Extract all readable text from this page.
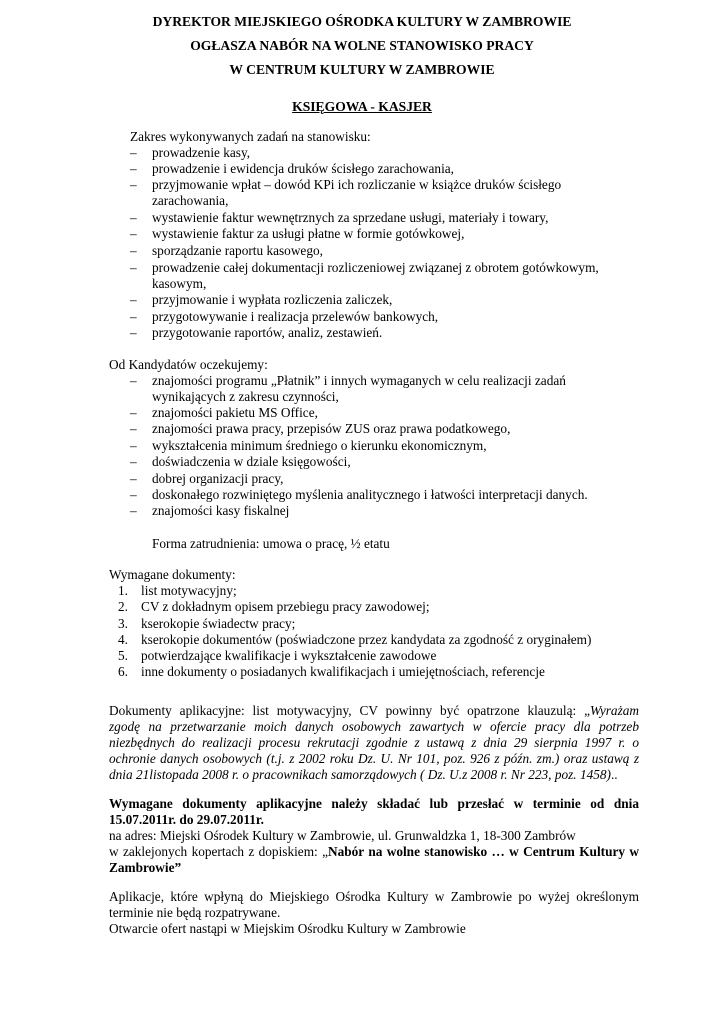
DYREKTOR MIEJSKIEGO OŚRODKA KULTURY W ZAMBROWIE
OGŁASZA NABÓR NA WOLNE STANOWISKO PRACY
W CENTRUM KULTURY W ZAMBROWIE
KSIĘGOWA - KASJER
Zakres wykonywanych zadań na stanowisku:
– prowadzenie kasy,
– prowadzenie i ewidencja druków ścisłego zarachowania,
– przyjmowanie wpłat – dowód KPi ich rozliczanie w książce druków ścisłego
zarachowania,
– wystawienie faktur wewnętrznych za sprzedane usługi, materiały i towary,
– wystawienie faktur za usługi płatne w formie gotówkowej,
– sporządzanie raportu kasowego,
– prowadzenie całej dokumentacji rozliczeniowej związanej z obrotem gotówkowym,
kasowym,
– przyjmowanie i wypłata rozliczenia zaliczek,
– przygotowywanie i realizacja przelewów bankowych,
– przygotowanie raportów, analiz, zestawień.
Od Kandydatów oczekujemy:
– znajomości programu „Płatnik” i innych wymaganych w celu realizacji zadań
wynikających z zakresu czynności,
– znajomości pakietu MS Office,
– znajomości prawa pracy, przepisów ZUS oraz prawa podatkowego,
– wykształcenia minimum średniego o kierunku ekonomicznym,
– doświadczenia w dziale księgowości,
– dobrej organizacji pracy,
– doskonałego rozwiniętego myślenia analitycznego i łatwości interpretacji danych.
– znajomości kasy fiskalnej
Forma zatrudnienia: umowa o pracę, ½ etatu
Wymagane dokumenty:
1. list motywacyjny;
2. CV z dokładnym opisem przebiegu pracy zawodowej;
3. kserokopie świadectw pracy;
4. kserokopie dokumentów (poświadczone przez kandydata za zgodność z oryginałem)
5. potwierdzające kwalifikacje i wykształcenie zawodowe
6. inne dokumenty o posiadanych kwalifikacjach i umiejętnościach, referencje
Dokumenty aplikacyjne: list motywacyjny, CV powinny być opatrzone klauzulą: „Wyrażam
zgodę na przetwarzanie moich danych osobowych zawartych w ofercie pracy dla potrzeb
niezbędnych do realizacji procesu rekrutacji zgodnie z ustawą z dnia 29 sierpnia 1997 r. o
ochronie danych osobowych (t.j. z 2002 roku Dz. U. Nr 101, poz. 926 z późn. zm.) oraz ustawą z
dnia 21listopada 2008 r. o pracownikach samorządowych ( Dz. U.z 2008 r. Nr 223, poz. 1458)..
Wymagane dokumenty aplikacyjne należy składać lub przesłać w terminie od dnia
15.07.2011r. do 29.07.2011r.
na adres: Miejski Ośrodek Kultury w Zambrowie, ul. Grunwaldzka 1, 18-300 Zambrów
w zaklejonych kopertach z dopiskiem: „Nabór na wolne stanowisko … w Centrum Kultury w
Zambrowie”
Aplikacje, które wpłyną do Miejskiego Ośrodka Kultury w Zambrowie po wyżej określonym
terminie nie będą rozpatrywane.
Otwarcie ofert nastąpi w Miejskim Ośrodku Kultury w Zambrowie
